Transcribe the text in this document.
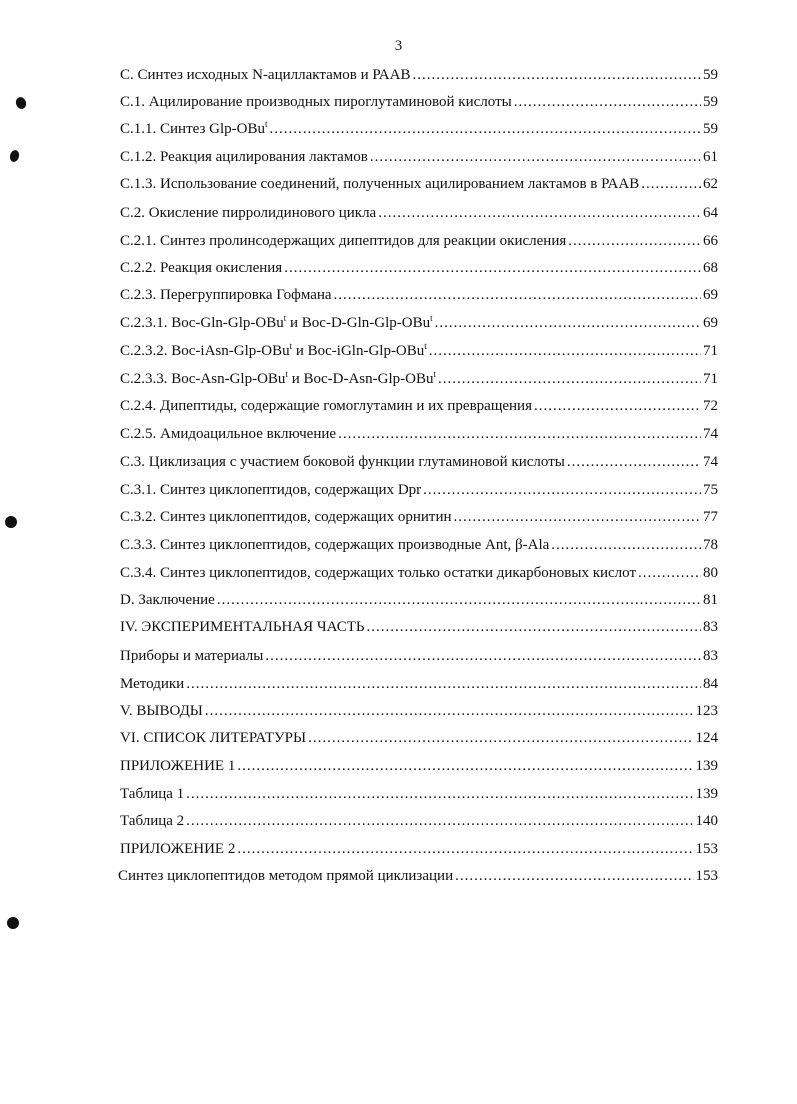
3
С. Синтез исходных N-ациллактамов и РААВ .....	59
С.1. Ацилирование производных пироглутаминовой кислоты .....	59
С.1.1. Синтез Glp-OBu$^t$ .....	59
С.1.2. Реакция ацилирования лактамов .....	61
С.1.3. Использование соединений, полученных ацилированием лактамов в РААВ .....	62
С.2. Окисление пирролидинового цикла .....	64
С.2.1. Синтез пролинсодержащих дипептидов для реакции окисления .....	66
С.2.2. Реакция окисления .....	68
С.2.3. Перегруппировка Гофмана .....	69
С.2.3.1. Boc-Gln-Glp-OBu$^t$ и Boc-D-Gln-Glp-OBu$^t$ .....	69
С.2.3.2. Boc-iAsn-Glp-OBu$^t$ и Boc-iGln-Glp-OBu$^t$ .....	71
С.2.3.3. Boc-Asn-Glp-OBu$^t$ и Boc-D-Asn-Glp-OBu$^t$ .....	71
С.2.4. Дипептиды, содержащие гомоглутамин и их превращения .....	72
С.2.5. Амидоацильное включение .....	74
С.3. Циклизация с участием боковой функции глутаминовой кислоты .....	74
С.3.1. Синтез циклопептидов, содержащих Dpr .....	75
С.3.2. Синтез циклопептидов, содержащих орнитин .....	77
С.3.3. Синтез циклопептидов, содержащих производные Ant, β-Ala .....	78
С.3.4. Синтез циклопептидов, содержащих только остатки дикарбоновых кислот .....	80
D. Заключение .....	81
IV. ЭКСПЕРИМЕНТАЛЬНАЯ ЧАСТЬ .....	83
Приборы и материалы .....	83
Методики .....	84
V. ВЫВОДЫ .....	123
VI. СПИСОК ЛИТЕРАТУРЫ .....	124
ПРИЛОЖЕНИЕ 1 .....	139
Таблица 1 .....	139
Таблица 2 .....	140
ПРИЛОЖЕНИЕ 2 .....	153
Синтез циклопептидов методом прямой циклизации .....	153
